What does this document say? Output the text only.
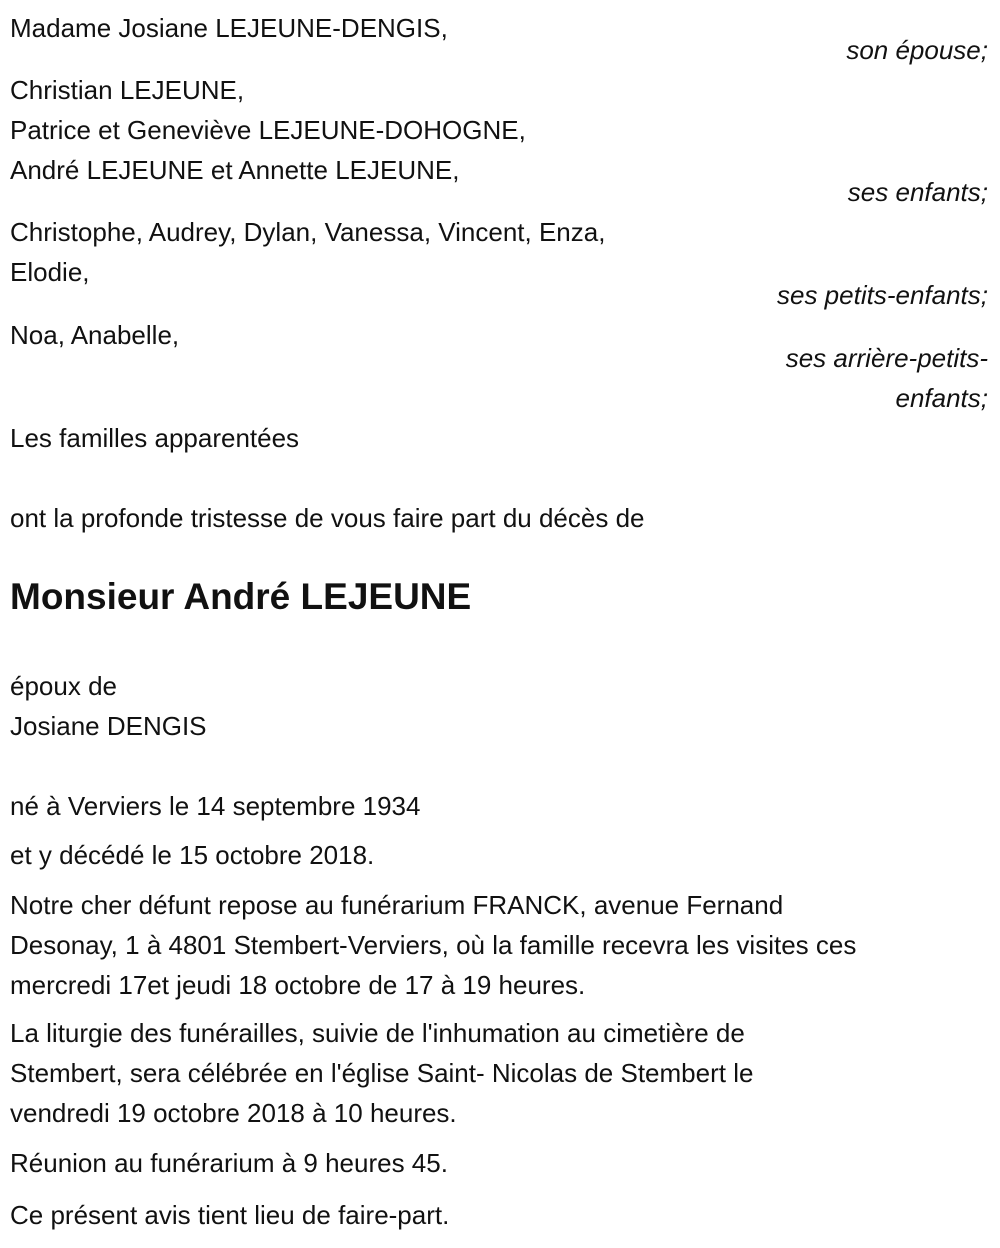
Madame Josiane LEJEUNE-DENGIS,
son épouse;
Christian LEJEUNE,
Patrice et Geneviève LEJEUNE-DOHOGNE,
André LEJEUNE et Annette LEJEUNE,
ses enfants;
Christophe, Audrey, Dylan, Vanessa, Vincent, Enza,
Elodie,
ses petits-enfants;
Noa, Anabelle,
ses arrière-petits-
enfants;
Les familles apparentées
ont la profonde tristesse de vous faire part du décès de
Monsieur André LEJEUNE
époux de
Josiane DENGIS
né à Verviers le 14 septembre 1934
et y décédé le 15 octobre 2018.
Notre cher défunt repose au funérarium FRANCK, avenue Fernand
Desonay, 1 à 4801 Stembert-Verviers, où la famille recevra les visites ces
mercredi 17et jeudi 18 octobre de 17 à 19 heures.
La liturgie des funérailles, suivie de l'inhumation au cimetière de
Stembert, sera célébrée en l'église Saint- Nicolas de Stembert le
vendredi 19 octobre 2018 à 10 heures.
Réunion au funérarium à 9 heures 45.
Ce présent avis tient lieu de faire-part.
